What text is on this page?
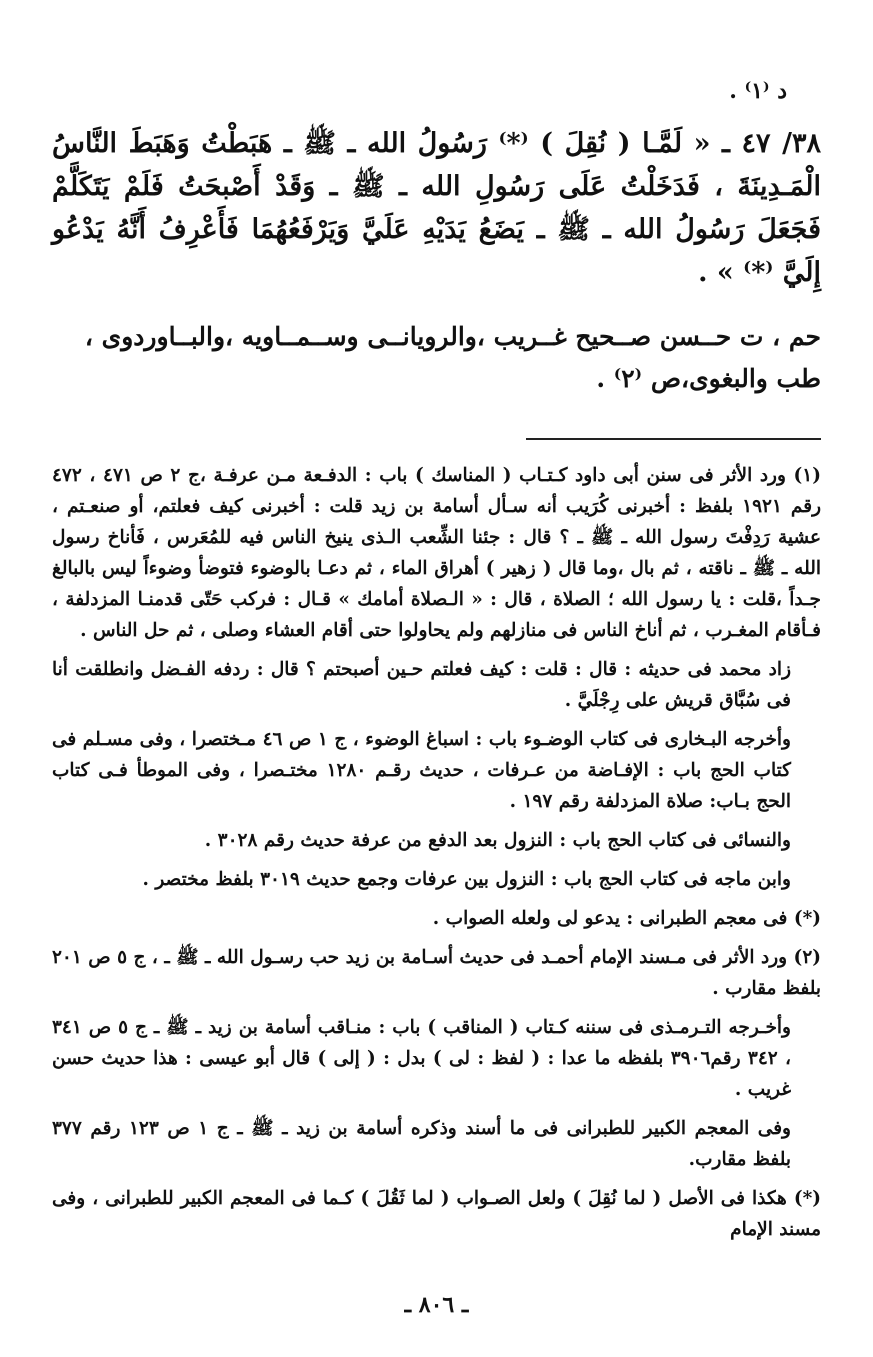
د ⁽١⁾ .

٣٨/ ٤٧ ـ « لَمَّـا ( نُقِلَ ) ⁽*⁾ رَسُولُ الله ـ ﷺ ـ هَبَطْتُ وَهَبَطَ النَّاسُ الْمَـدِينَةَ ، فَدَخَلْتُ عَلَى رَسُولِ الله ـ ﷺ ـ وَقَدْ أَصْبحَتُ فَلَمْ يَتَكَلَّمْ فَجَعَلَ رَسُولُ الله ـ ﷺ ـ يَضَعُ يَدَيْهِ عَلَيَّ وَيَرْفَعُهُمَا فَأَعْرِفُ أَنَّهُ يَدْعُو إِلَيَّ ⁽*⁾ » .

حم ، ت حــسن صــحيح غــريب ،والرويانــى وســمــاويه ،والبــاوردوى ، طب والبغوى،ص ⁽٢⁾ .

(١) ورد الأثر فى سنن أبى داود كـتـاب ( المناسك ) باب : الدفـعة مـن عرفـة ،ج ٢ ص ٤٧١ ، ٤٧٢ رقم ١٩٢١ بلفظ : أخبرنى كُرَيب أنه سـأل أسامة بن زيد قلت : أخبرنى كيف فعلتم، أو صنعـتم ، عشية رَدِفْتَ رسول الله ـ ﷺ ـ ؟ قال : جئنا الشِّعب الـذى ينيخ الناس فيه للمُعَرس ، فَأناخ رسول الله ـ ﷺ ـ ناقته ، ثم بال ،وما قال ( زهير ) أهراق الماء ، ثم دعـا بالوضوء فتوضأ وضوءاً ليس بالبالغ جـداً ،قلت : يا رسول الله ؛ الصلاة ، قال : « الـصلاة أمامك » قـال : فركب حَتّى قدمنـا المزدلفة ، فـأقام المغـرب ، ثم أناخ الناس فى منازلهم ولم يحاولوا حتى أقام العشاء وصلى ، ثم حل الناس .

زاد محمد فى حديثه : قال : قلت : كيف فعلتم حـين أصبحتم ؟ قال : ردفه الفـضل وانطلقت أنا فى سُبَّاق قريش على رِجْلَيَّ .

وأخرجه البـخارى فى كتاب الوضـوء باب : اسباغ الوضوء ، ج ١ ص ٤٦ مـختصرا ، وفى مسـلم فى كتاب الحج باب : الإفـاضة من عـرفات ، حديث رقـم ١٢٨٠ مختـصرا ، وفى الموطأ فـى كتاب الحج بـاب: صلاة المزدلفة رقم ١٩٧ .

والنسائى فى كتاب الحج باب : النزول بعد الدفع من عرفة حديث رقم ٣٠٢٨ .

وابن ماجه فى كتاب الحج باب : النزول بين عرفات وجمع حديث ٣٠١٩ بلفظ مختصر .

(*) فى معجم الطبرانى : يدعو لى ولعله الصواب .

(٢) ورد الأثر فى مـسند الإمام أحمـد فى حديث أسـامة بن زيد حب رسـول الله ـ ﷺ ـ ، ج ٥ ص ٢٠١ بلفظ مقارب .

وأخـرجه التـرمـذى فى سننه كـتاب ( المناقب ) باب : منـاقب أسامة بن زيد ـ ﷺ ـ ج ٥ ص ٣٤١ ، ٣٤٢ رقم٣٩٠٦ بلفظه ما عدا : ( لفظ : لى ) بدل : ( إلى ) قال أبو عيسى : هذا حديث حسن غريب .

وفى المعجم الكبير للطبرانى فى ما أسند وذكره أسامة بن زيد ـ ﷺ ـ ج ١ ص ١٢٣ رقم ٣٧٧ بلفظ مقارب.

(*) هكذا فى الأصل ( لما نُقِلَ ) ولعل الصـواب ( لما ثَقُلَ ) كـما فى المعجم الكبير للطبرانى ، وفى مسند الإمام

ـ ٨٠٦ ـ
